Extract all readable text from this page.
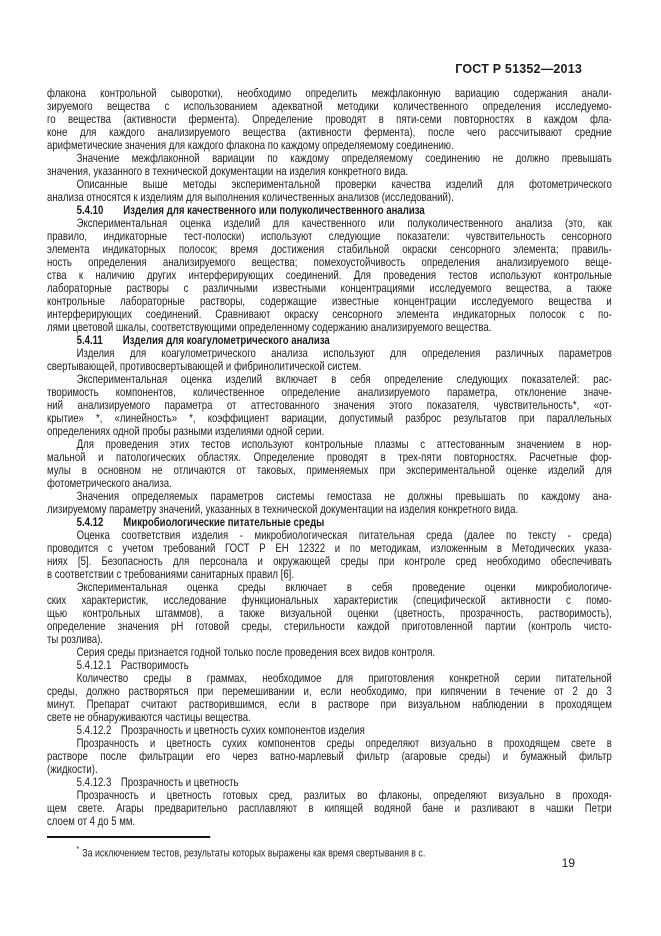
ГОСТ Р 51352—2013
флакона контрольной сыворотки), необходимо определить межфлаконную вариацию содержания анали-
зируемого вещества с использованием адекватной методики количественного определения исследуемо-
го вещества (активности фермента). Определение проводят в пяти-семи повторностях в каждом фла-
коне для каждого анализируемого вещества (активности фермента), после чего рассчитывают средние
арифметические значения для каждого флакона по каждому определяемому соединению.
Значение межфлаконной вариации по каждому определяемому соединению не должно превышать
значения, указанного в технической документации на изделия конкретного вида.
Описанные выше методы экспериментальной проверки качества изделий для фотометрического
анализа относятся к изделиям для выполнения количественных анализов (исследований).
5.4.10 Изделия для качественного или полуколичественного анализа
Экспериментальная оценка изделий для качественного или полуколичественного анализа (это, как
правило, индикаторные тест-полоски) используют следующие показатели: чувствительность сенсорного
элемента индикаторных полосок; время достижения стабильной окраски сенсорного элемента; правиль-
ность определения анализируемого вещества; помехоустойчивость определения анализируемого веще-
ства к наличию других интерферирующих соединений. Для проведения тестов используют контрольные
лабораторные растворы с различными известными концентрациями исследуемого вещества, а также
контрольные лабораторные растворы, содержащие известные концентрации исследуемого вещества и
интерферирующих соединений. Сравнивают окраску сенсорного элемента индикаторных полосок с по-
лями цветовой шкалы, соответствующими определенному содержанию анализируемого вещества.
5.4.11 Изделия для коагулометрического анализа
Изделия для коагулометрического анализа используют для определения различных параметров
свертывающей, противосвертывающей и фибринолитической систем.
Экспериментальная оценка изделий включает в себя определение следующих показателей: рас-
творимость компонентов, количественное определение анализируемого параметра, отклонение значе-
ний анализируемого параметра от аттестованного значения этого показателя, чувствительность*, «от-
крытие» *, «линейность» *, коэффициент вариации, допустимый разброс результатов при параллельных
определениях одной пробы разными изделиями одной серии.
Для проведения этих тестов используют контрольные плазмы с аттестованным значением в нор-
мальной и патологических областях. Определение проводят в трех-пяти повторностях. Расчетные фор-
мулы в основном не отличаются от таковых, применяемых при экспериментальной оценке изделий для
фотометрического анализа.
Значения определяемых параметров системы гемостаза не должны превышать по каждому ана-
лизируемому параметру значений, указанных в технической документации на изделия конкретного вида.
5.4.12 Микробиологические питательные среды
Оценка соответствия изделия - микробиологическая питательная среда (далее по тексту - среда)
проводится с учетом требований ГОСТ Р ЕН 12322 и по методикам, изложенным в Методических указа-
ниях [5]. Безопасность для персонала и окружающей среды при контроле сред необходимо обеспечивать
в соответствии с требованиями санитарных правил [6].
Экспериментальная оценка среды включает в себя проведение оценки микробиологиче-
ских характеристик, исследование функциональных характеристик (специфической активности с помо-
щью контрольных штаммов), а также визуальной оценки (цветность, прозрачность, растворимость),
определение значения pH готовой среды, стерильности каждой приготовленной партии (контроль чисто-
ты розлива).
Серия среды признается годной только после проведения всех видов контроля.
5.4.12.1 Растворимость
Количество среды в граммах, необходимое для приготовления конкретной серии питательной
среды, должно растворяться при перемешивании и, если необходимо, при кипячении в течение от 2 до 3
минут. Препарат считают растворившимся, если в растворе при визуальном наблюдении в проходящем
свете не обнаруживаются частицы вещества.
5.4.12.2 Прозрачность и цветность сухих компонентов изделия
Прозрачность и цветность сухих компонентов среды определяют визуально в проходящем свете в
растворе после фильтрации его через ватно-марлевый фильтр (агаровые среды) и бумажный фильтр
(жидкости).
5.4.12.3 Прозрачность и цветность
Прозрачность и цветность готовых сред, разлитых во флаконы, определяют визуально в проходя-
щем свете. Агары предварительно расплавляют в кипящей водяной бане и разливают в чашки Петри
слоем от 4 до 5 мм.
* За исключением тестов, результаты которых выражены как время свертывания в с.
19
